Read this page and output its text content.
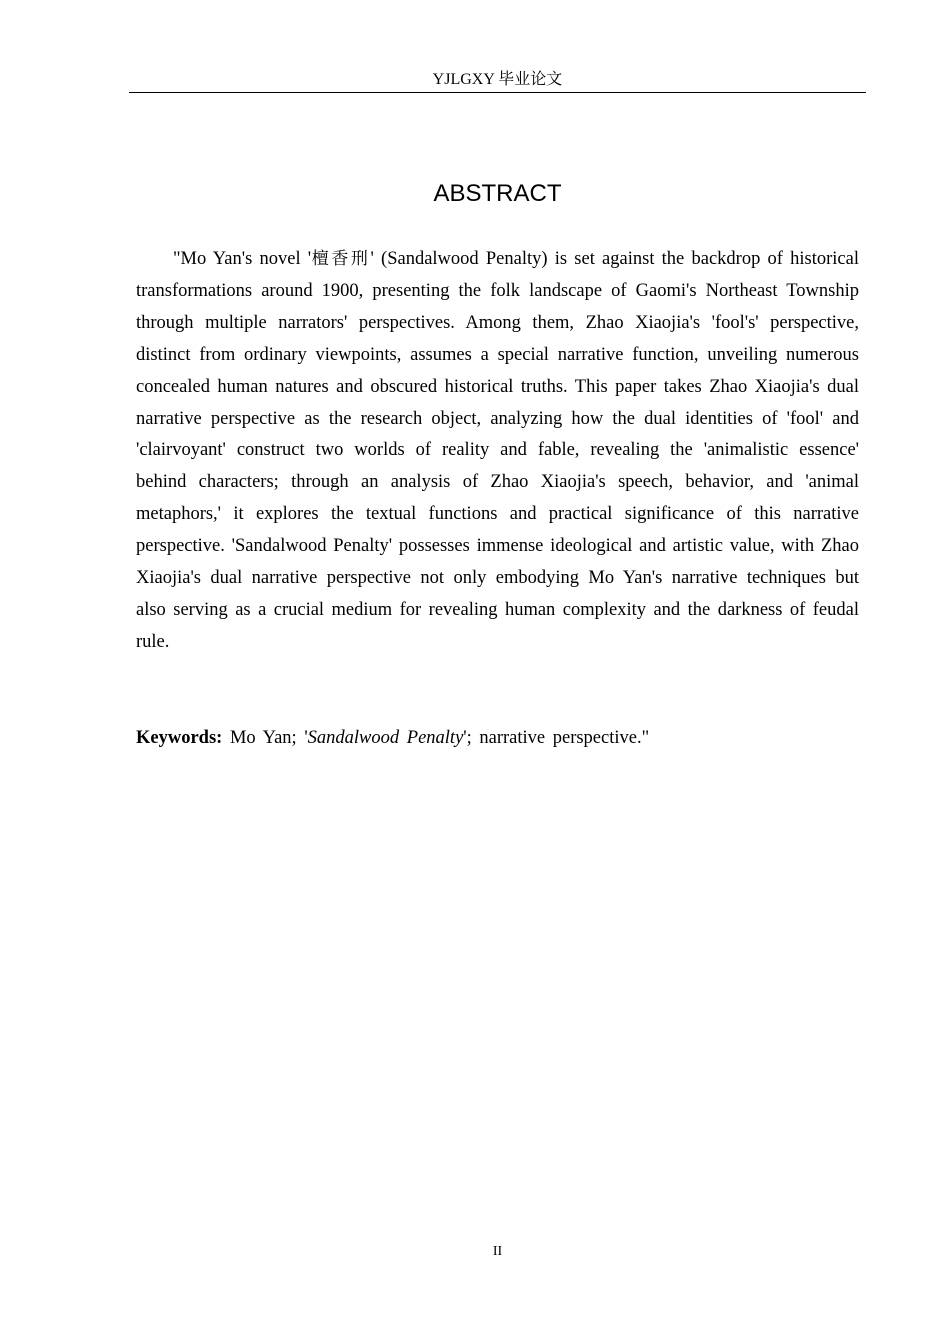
YJLGXY 毕业论文
ABSTRACT

"Mo Yan's novel '檀香刑' (Sandalwood Penalty) is set against the backdrop of historical transformations around 1900, presenting the folk landscape of Gaomi's Northeast Township through multiple narrators' perspectives. Among them, Zhao Xiaojia's 'fool's' perspective, distinct from ordinary viewpoints, assumes a special narrative function, unveiling numerous concealed human natures and obscured historical truths. This paper takes Zhao Xiaojia's dual narrative perspective as the research object, analyzing how the dual identities of 'fool' and 'clairvoyant' construct two worlds of reality and fable, revealing the 'animalistic essence' behind characters; through an analysis of Zhao Xiaojia's speech, behavior, and 'animal metaphors,' it explores the textual functions and practical significance of this narrative perspective. 'Sandalwood Penalty' possesses immense ideological and artistic value, with Zhao Xiaojia's dual narrative perspective not only embodying Mo Yan's narrative techniques but also serving as a crucial medium for revealing human complexity and the darkness of feudal rule.

Keywords: Mo Yan; 'Sandalwood Penalty'; narrative perspective."

II
